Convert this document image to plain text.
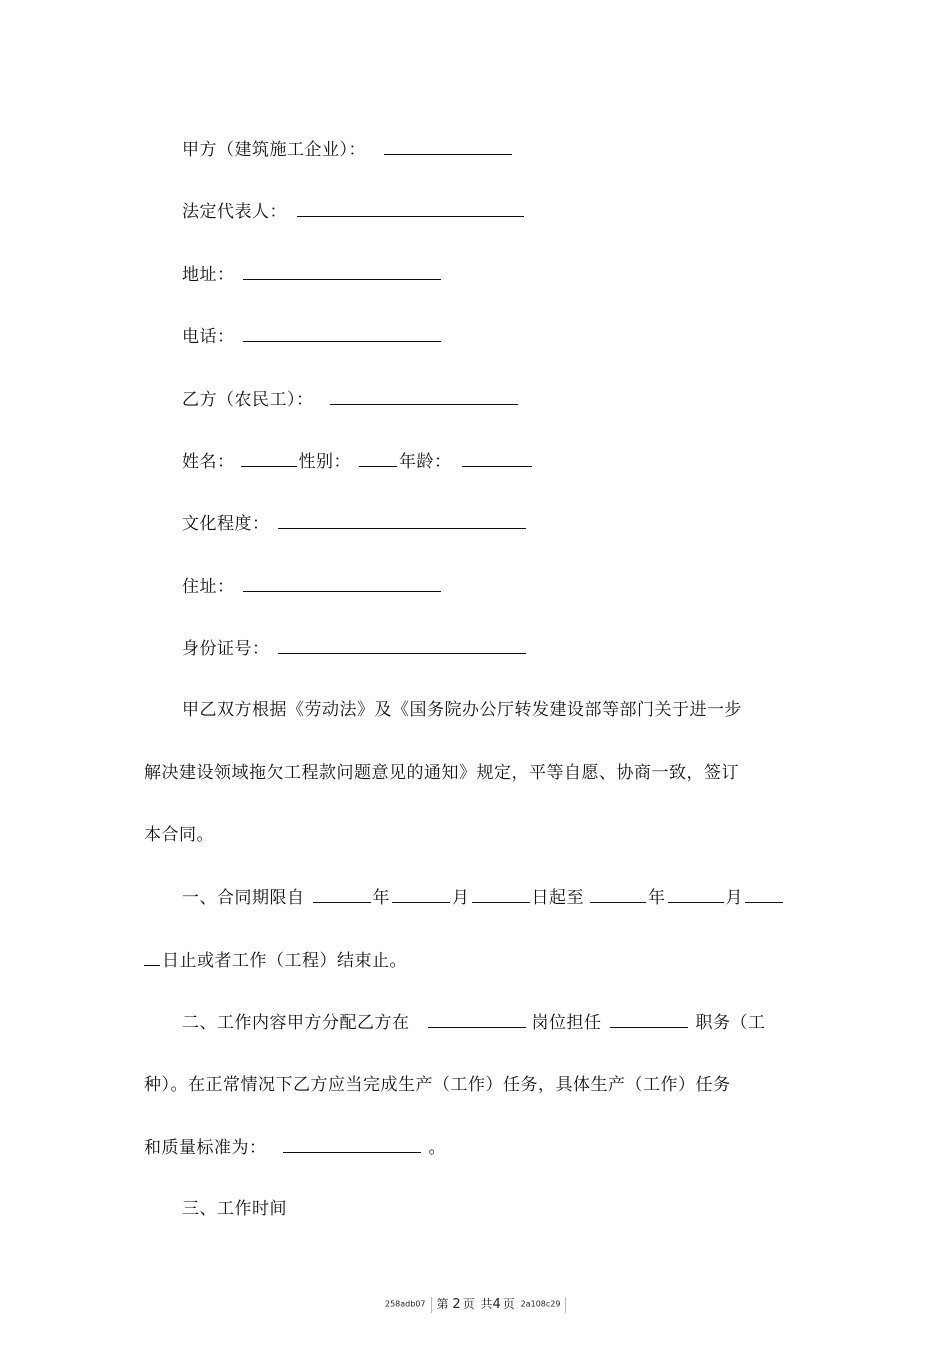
甲方（建筑施工企业）：
法定代表人：
地址：
电话：
乙方（农民工）：
姓名：	性别：	年龄：
文化程度：
住址：
身份证号：
甲乙双方根据《劳动法》及《国务院办公厅转发建设部等部门关于进一步
解决建设领域拖欠工程款问题意见的通知》规定，平等自愿、协商一致，签订
本合同。
一、合同期限自	年	月	日起至	年	月
日止或者工作（工程）结束止。
二、工作内容甲方分配乙方在	岗位担任	职务（工
种）。在正常情况下乙方应当完成生产（工作）任务，具体生产（工作）任务
和质量标准为：	。
三、工作时间
258adb07 第 2 页 共4 页 2a108c29
